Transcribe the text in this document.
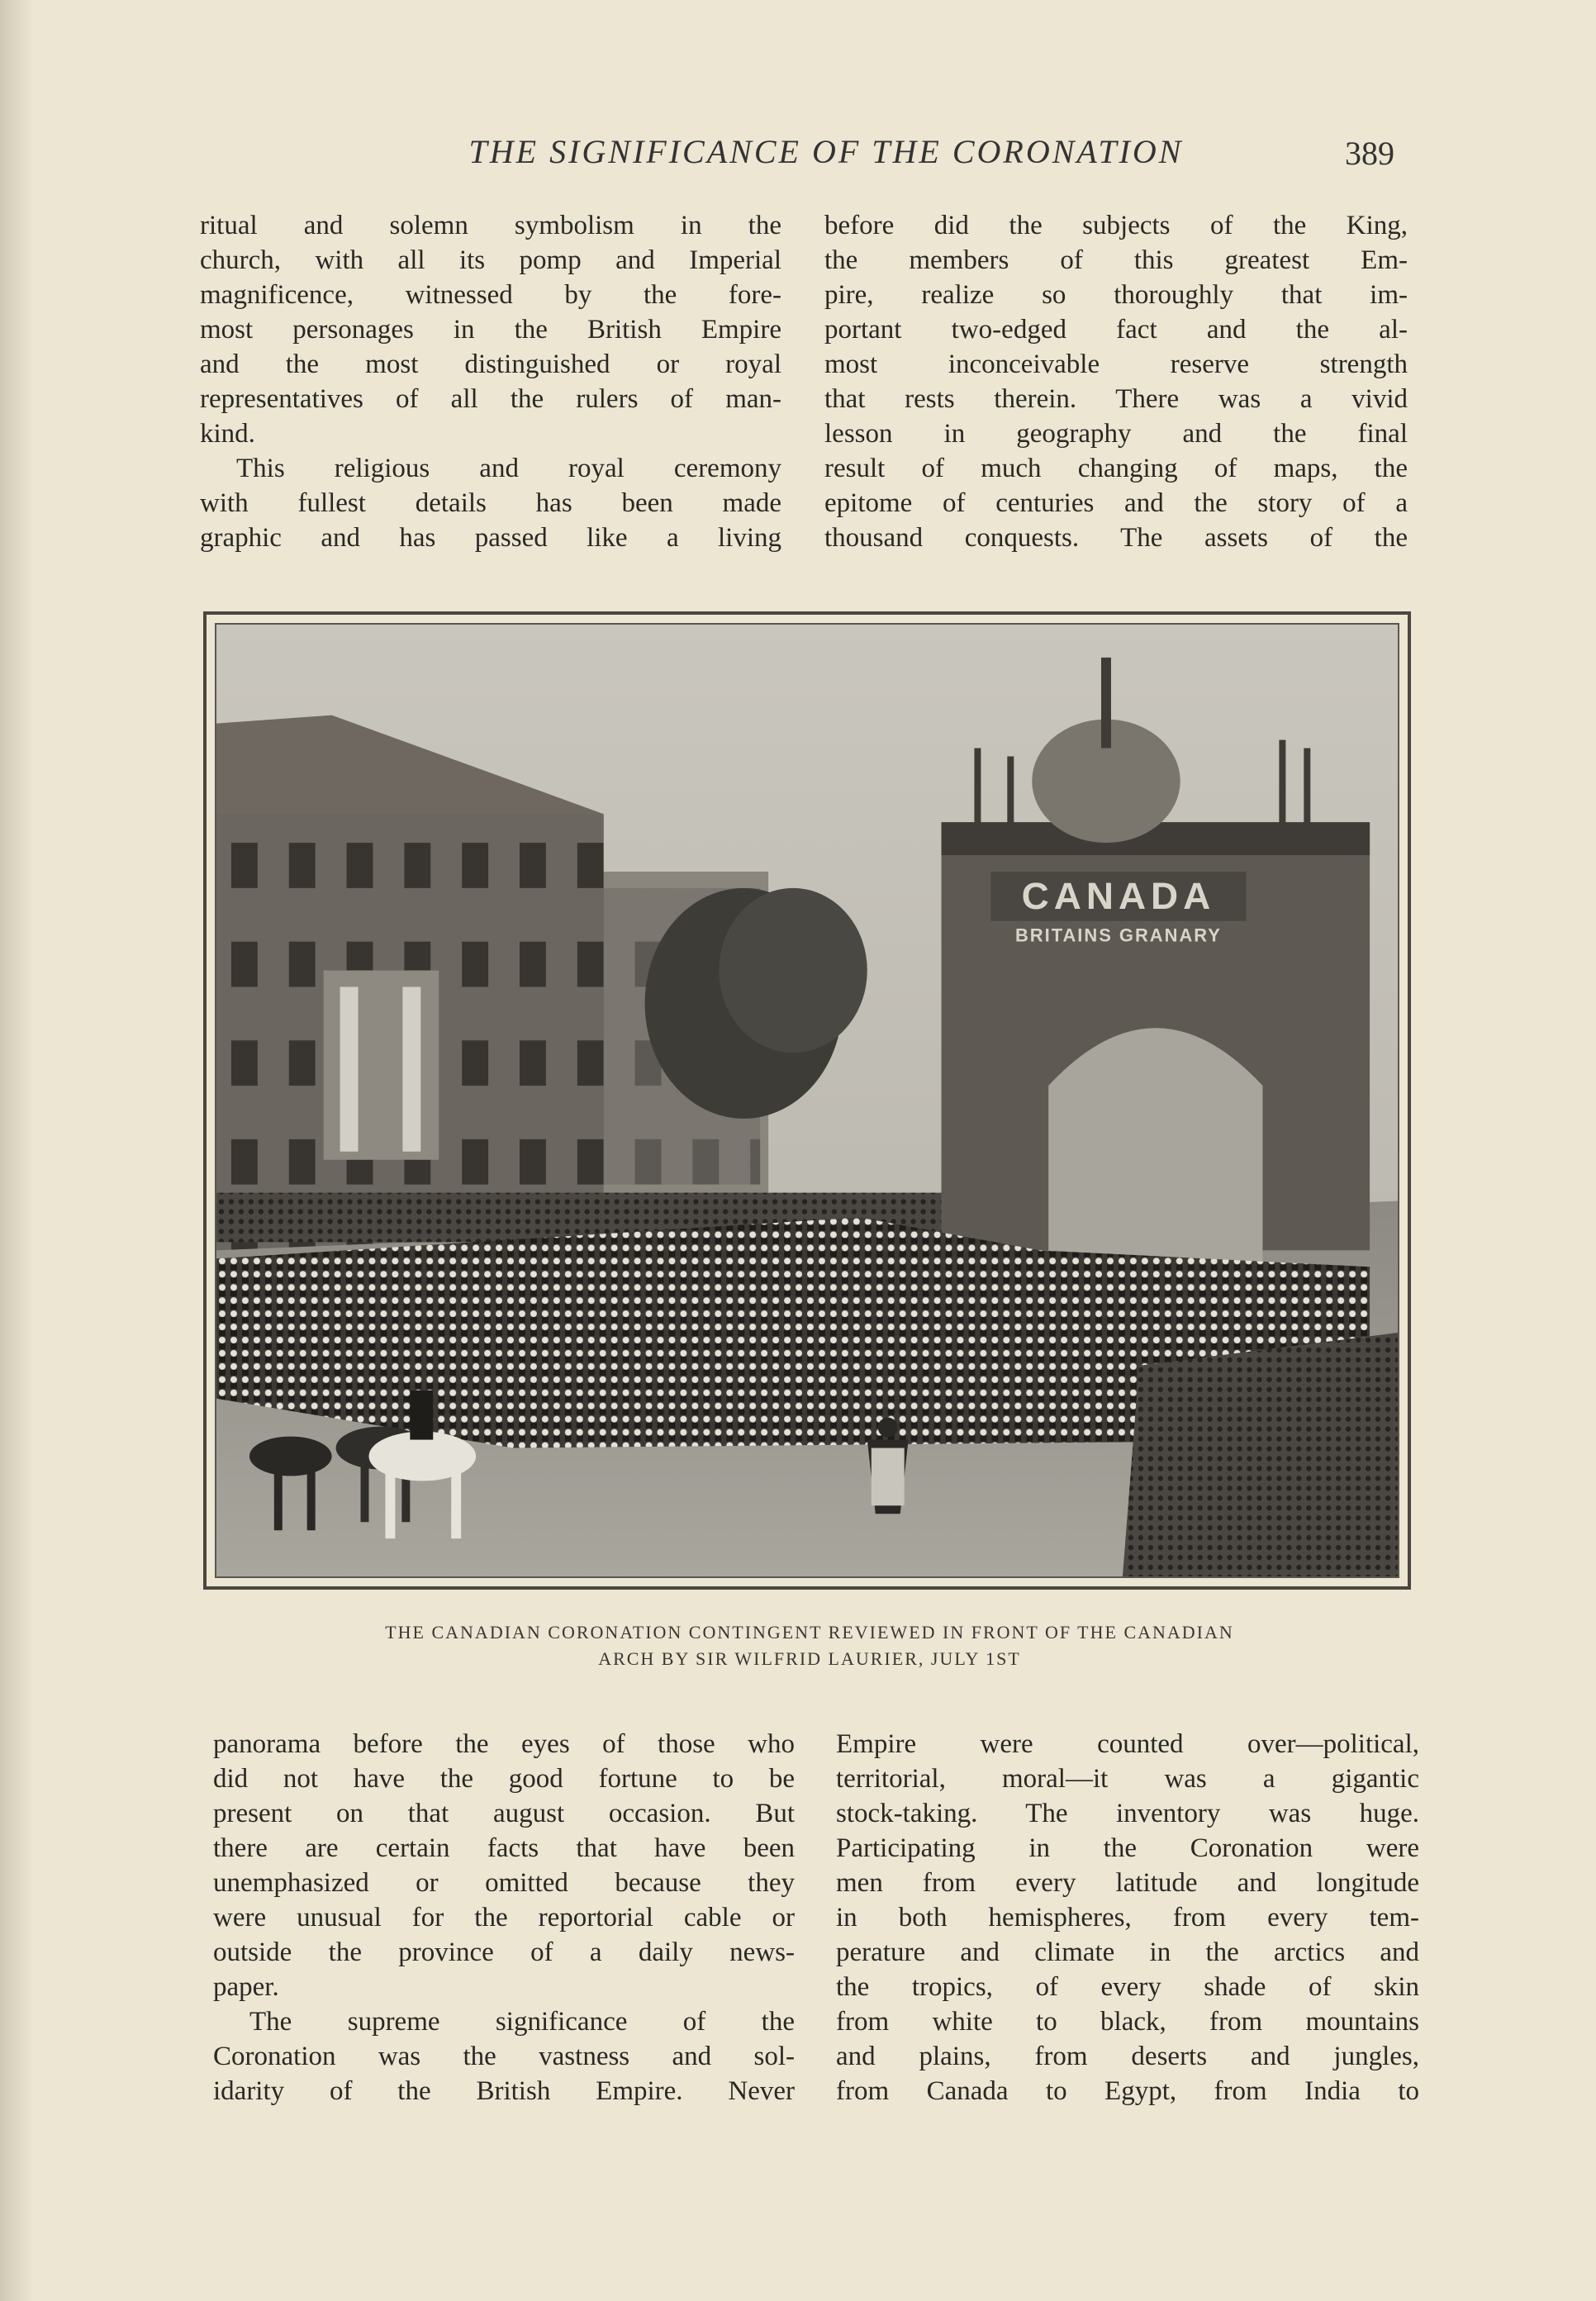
THE SIGNIFICANCE OF THE CORONATION	389
ritual and solemn symbolism in the
church, with all its pomp and Imperial
magnificence, witnessed by the fore-
most personages in the British Empire
and the most distinguished or royal
representatives of all the rulers of man-
kind.
This religious and royal ceremony
with fullest details has been made
graphic and has passed like a living
before did the subjects of the King,
the members of this greatest Em-
pire, realize so thoroughly that im-
portant two-edged fact and the al-
most inconceivable reserve strength
that rests therein. There was a vivid
lesson in geography and the final
result of much changing of maps, the
epitome of centuries and the story of a
thousand conquests. The assets of the
CANADA
BRITAINS GRANARY
THE CANADIAN CORONATION CONTINGENT REVIEWED IN FRONT OF THE CANADIAN
ARCH BY SIR WILFRID LAURIER, JULY 1ST
panorama before the eyes of those who
did not have the good fortune to be
present on that august occasion. But
there are certain facts that have been
unemphasized or omitted because they
were unusual for the reportorial cable or
outside the province of a daily news-
paper.
The supreme significance of the
Coronation was the vastness and sol-
idarity of the British Empire. Never
Empire were counted over—political,
territorial, moral—it was a gigantic
stock-taking. The inventory was huge.
Participating in the Coronation were
men from every latitude and longitude
in both hemispheres, from every tem-
perature and climate in the arctics and
the tropics, of every shade of skin
from white to black, from mountains
and plains, from deserts and jungles,
from Canada to Egypt, from India to
